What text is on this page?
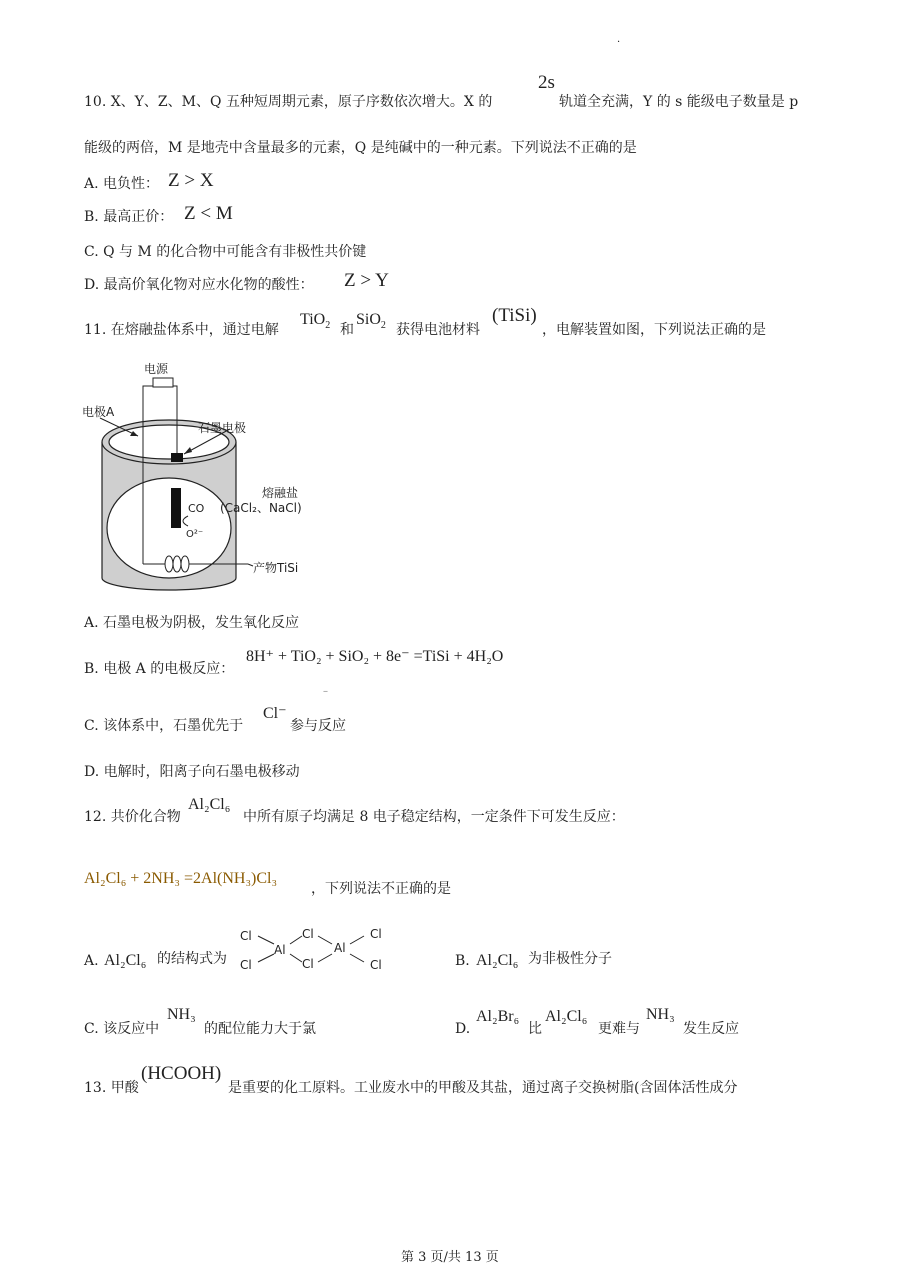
·
10. X、Y、Z、M、Q 五种短周期元素，原子序数依次增大。X 的
2s
轨道全充满，Y 的 s 能级电子数量是 p
能级的两倍，M 是地壳中含量最多的元素，Q 是纯碱中的一种元素。下列说法不正确的是
A. 电负性： Z > X
B. 最高正价： Z < M
C. Q 与 M 的化合物中可能含有非极性共价键
D. 最高价氧化物对应水化物的酸性： Z > Y
11. 在熔融盐体系中，通过电解
TiO$_2$ 和
SiO$_2$ 获得电池材料
(TiSi)
，电解装置如图，下列说法正确的是
电源
电极A
石墨电极
CO
O²⁻
熔融盐
(CaCl₂、NaCl)
产物TiSi
A. 石墨电极为阴极，发生氧化反应
B. 电极 A 的电极反应：
8H⁺ + TiO₂ + SiO₂ + 8e⁻ =TiSi + 4H₂O
–
C. 该体系中，石墨优先于
Cl⁻
参与反应
D. 电解时，阳离子向石墨电极移动
12. 共价化合物
Al₂Cl₆
中所有原子均满足 8 电子稳定结构，一定条件下可发生反应：
Al₂Cl₆ + 2NH₃ =2Al(NH₃)Cl₃
，下列说法不正确的是
A. Al₂Cl₆ 的结构式为
Cl
Cl
Al
Cl
Cl
Al
Cl
Cl	B. Al₂Cl₆ 为非极性分子
C. 该反应中
NH₃
的配位能力大于氯	D.
Al₂Br₆
比
Al₂Cl₆
更难与
NH₃
发生反应
13. 甲酸
(HCOOH)
是重要的化工原料。工业废水中的甲酸及其盐，通过离子交换树脂(含固体活性成分
第 3 页/共 13 页
